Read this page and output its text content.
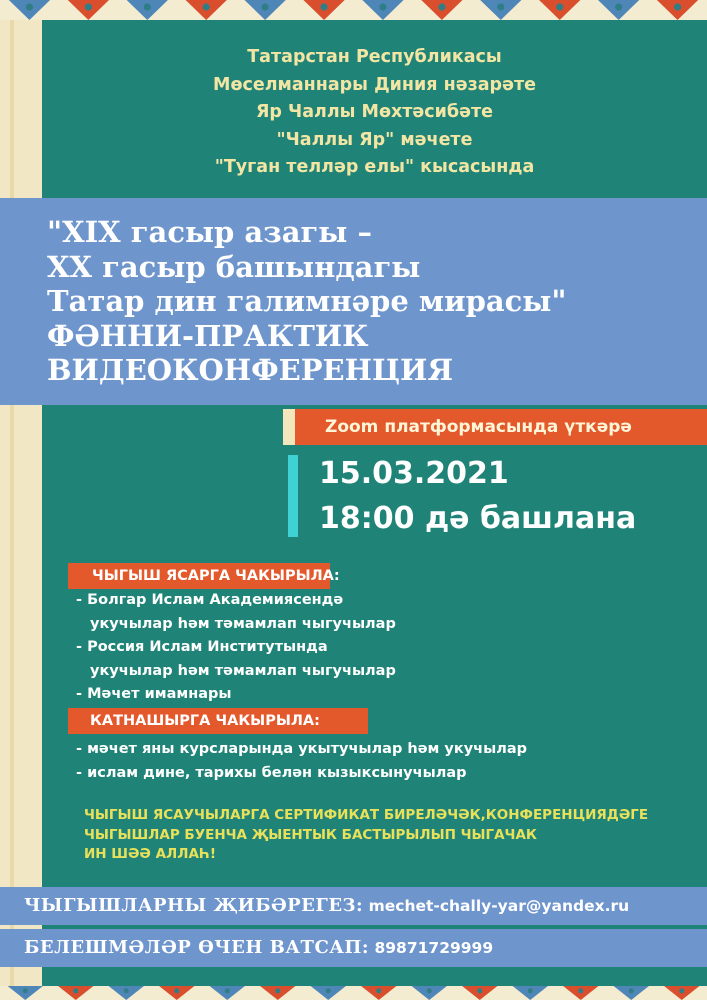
Татарстан Республикасы
Мөселманнары Диния нәзарәте
Яр Чаллы Мөхтәсибәте
"Чаллы Яр" мәчете
"Туган телләр елы" кысасында
"XIX гасыр азагы –
XX гасыр башындагы
Татар дин галимнәре мирасы"
ФӘННИ-ПРАКТИК
ВИДЕОКОНФЕРЕНЦИЯ
Zoom платформасында үткәрә
15.03.2021
18:00 дә башлана
ЧЫГЫШ ЯСАРГА ЧАКЫРЫЛА:
- Болгар Ислам Академиясендә
укучылар һәм тәмамлап чыгучылар
- Россия Ислам Институтында
укучылар һәм тәмамлап чыгучылар
- Мәчет имамнары
КАТНАШЫРГА ЧАКЫРЫЛА:
- мәчет яны курсларында укытучылар һәм укучылар
- ислам дине, тарихы белән кызыксынучылар
ЧЫГЫШ ЯСАУЧЫЛАРГА СЕРТИФИКАТ БИРЕЛӘЧӘК,КОНФЕРЕНЦИЯДӘГЕ
ЧЫГЫШЛАР БУЕНЧА ҖЫЕНТЫК БАСТЫРЫЛЫП ЧЫГАЧАК
ИН ШӘӘ АЛЛАҺ!
ЧЫГЫШЛАРНЫ ҖИБӘРЕГЕЗ: mechet-chally-yar@yandex.ru
БЕЛЕШМӘЛӘР ӨЧЕН ВАТСАП: 89871729999
